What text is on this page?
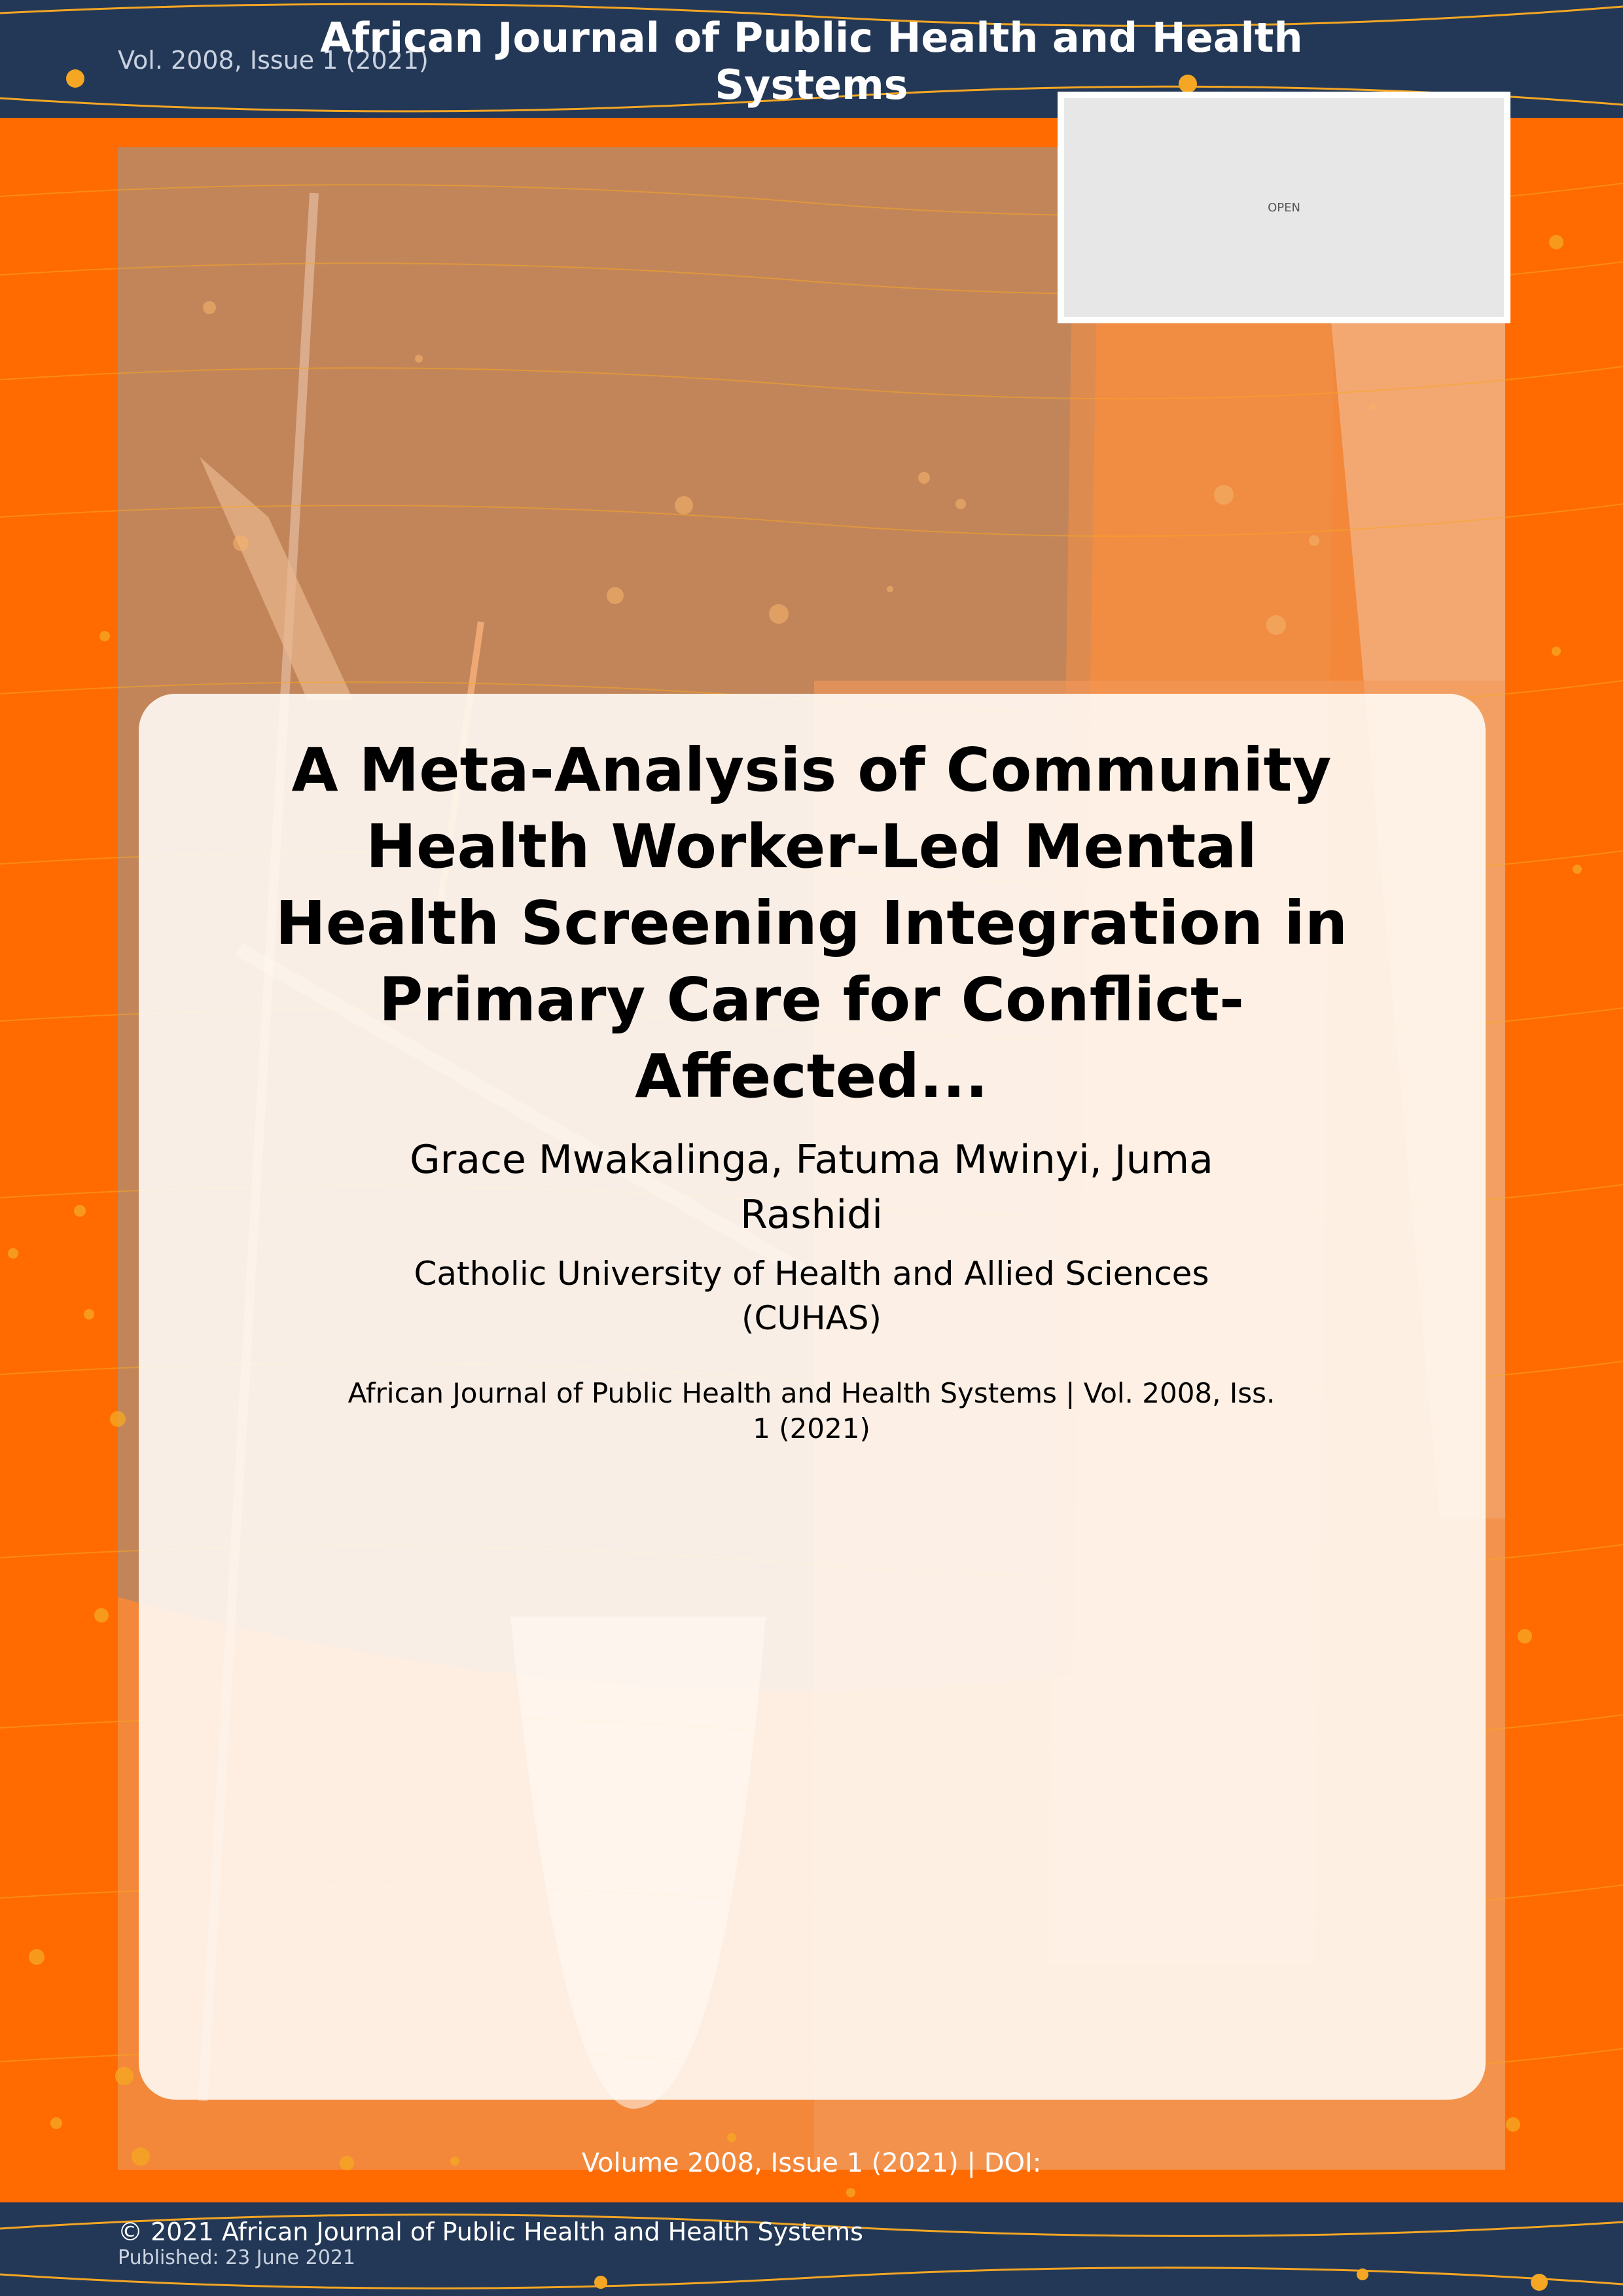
Vol. 2008, Issue 1 (2021)
African Journal of Public Health and Health Systems
OPEN
A Meta-Analysis of Community Health Worker-Led Mental Health Screening Integration in Primary Care for Conflict-Affected...
Grace Mwakalinga, Fatuma Mwinyi, Juma Rashidi
Catholic University of Health and Allied Sciences (CUHAS)
African Journal of Public Health and Health Systems | Vol. 2008, Iss. 1 (2021)
Volume 2008, Issue 1 (2021) | DOI:
© 2021 African Journal of Public Health and Health Systems
Published: 23 June 2021
